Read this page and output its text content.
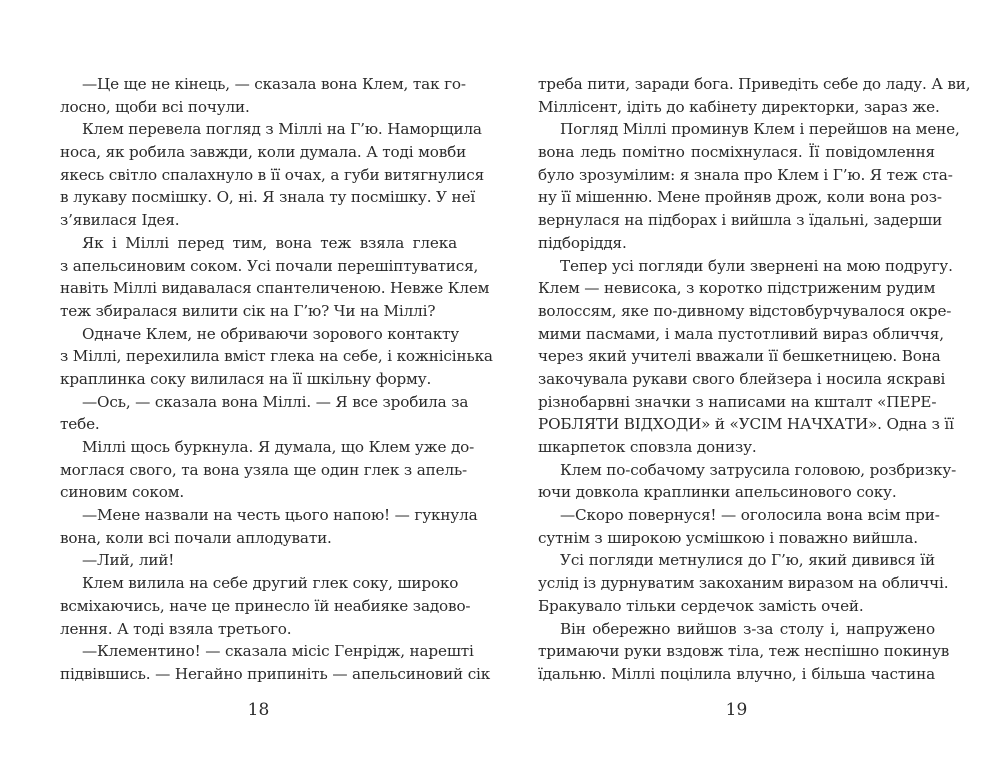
—Це ще не кінець, — сказала вона Клем, так го-
лосно, щоби всі почули.
Клем перевела погляд з Міллі на Г’ю. Наморщила
носа, як робила завжди, коли думала. А тоді мовби
якесь світло спалахнуло в її очах, а губи витягнулися
в лукаву посмішку. О, ні. Я знала ту посмішку. У неї
з’явилася Ідея.
Як і Міллі перед тим, вона теж взяла глека
з апельсиновим соком. Усі почали перешіптуватися,
навіть Міллі видавалася спантеличеною. Невже Клем
теж збиралася вилити сік на Г’ю? Чи на Міллі?
Одначе Клем, не обриваючи зорового контакту
з Міллі, перехилила вміст глека на себе, і кожнісінька
краплинка соку вилилася на її шкільну форму.
—Ось, — сказала вона Міллі. — Я все зробила за
тебе.
Міллі щось буркнула. Я думала, що Клем уже до-
моглася свого, та вона узяла ще один глек з апель-
синовим соком.
—Мене назвали на честь цього напою! — гукнула
вона, коли всі почали аплодувати.
—Лий, лий!
Клем вилила на себе другий глек соку, широко
всміхаючись, наче це принесло їй неабияке задово-
лення. А тоді взяла третього.
—Клементино! — сказала місіс Генрідж, нарешті
підвівшись. — Негайно припиніть — апельсиновий сік
18
треба пити, заради бога. Приведіть себе до ладу. А ви,
Міллісент, ідіть до кабінету директорки, зараз же.
Погляд Міллі проминув Клем і перейшов на мене,
вона ледь помітно посміхнулася. Її повідомлення
було зрозумілим: я знала про Клем і Г’ю. Я теж ста-
ну її мішенню. Мене пройняв дрож, коли вона роз-
вернулася на підборах і вийшла з їдальні, задерши
підборіддя.
Тепер усі погляди були звернені на мою подругу.
Клем — невисока, з коротко підстриженим рудим
волоссям, яке по-дивному відстовбурчувалося окре-
мими пасмами, і мала пустотливий вираз обличчя,
через який учителі вважали її бешкетницею. Вона
закочувала рукави свого блейзера і носила яскраві
різнобарвні значки з написами на кшталт «ПЕРЕ-
РОБЛЯТИ ВІДХОДИ» й «УСІМ НАЧХАТИ». Одна з її
шкарпеток сповзла донизу.
Клем по-собачому затрусила головою, розбризку-
ючи довкола краплинки апельсинового соку.
—Скоро повернуся! — оголосила вона всім при-
сутнім з широкою усмішкою і поважно вийшла.
Усі погляди метнулися до Г’ю, який дивився їй
услід із дурнуватим закоханим виразом на обличчі.
Бракувало тільки сердечок замість очей.
Він обережно вийшов з-за столу і, напружено
тримаючи руки вздовж тіла, теж неспішно покинув
їдальню. Міллі поцілила влучно, і більша частина
19
